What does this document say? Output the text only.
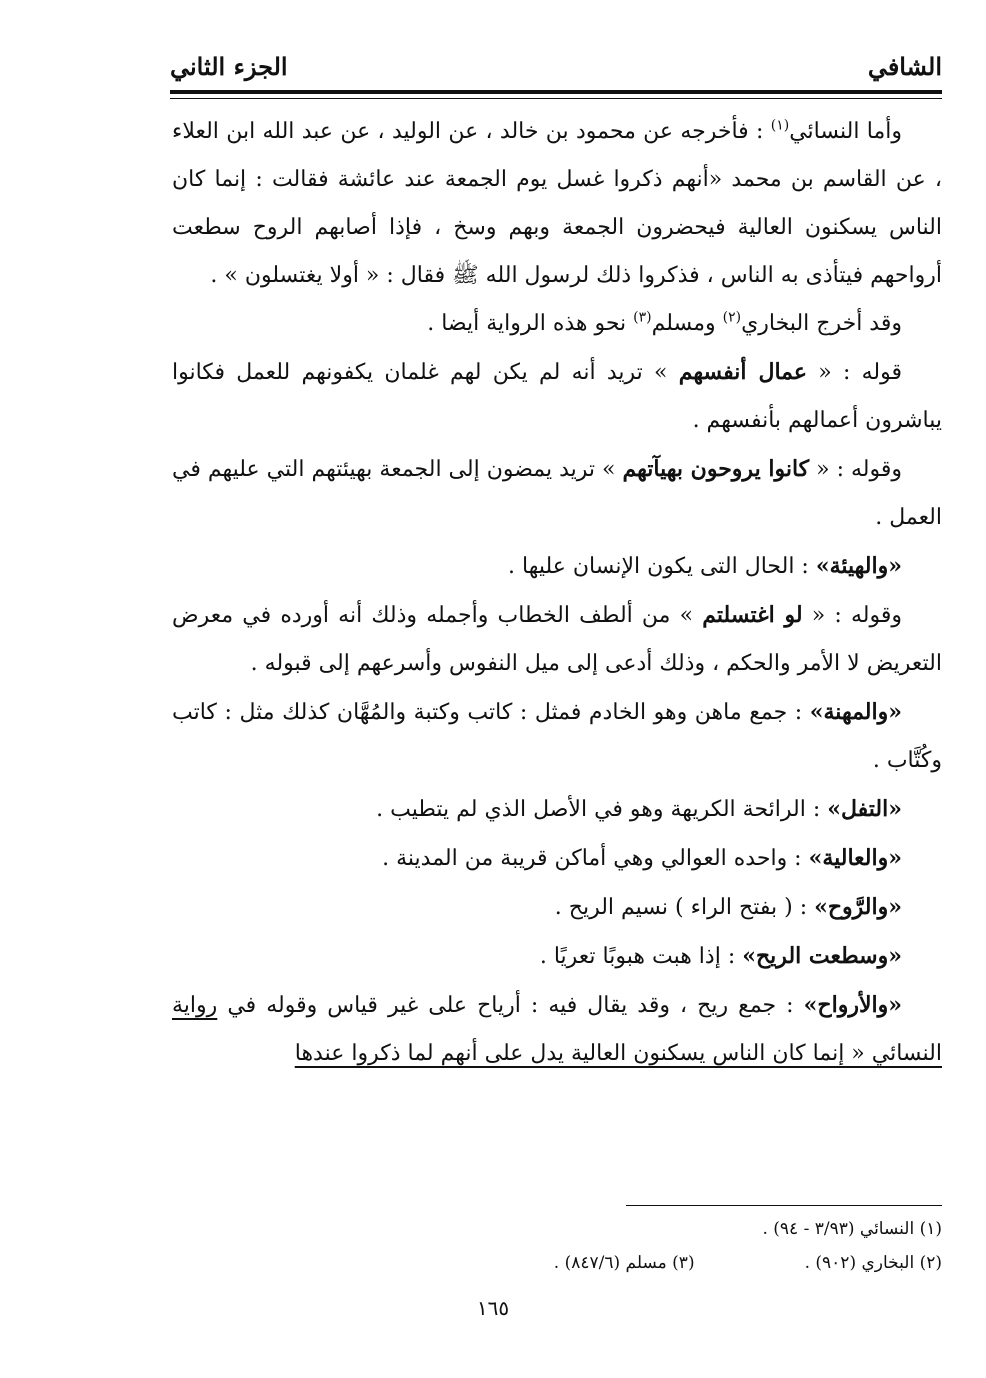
الشافي
الجزء الثاني

وأما النسائي$^{(١)}$ : فأخرجه عن محمود بن خالد ، عن الوليد ، عن عبد الله ابن العلاء ، عن القاسم بن محمد «أنهم ذكروا غسل يوم الجمعة عند عائشة فقالت : إنما كان الناس يسكنون العالية فيحضرون الجمعة وبهم وسخ ، فإذا أصابهم الروح سطعت أرواحهم فيتأذى به الناس ، فذكروا ذلك لرسول الله ﷺ فقال : « أولا يغتسلون » .

وقد أخرج البخاري$^{(٢)}$ ومسلم$^{(٣)}$ نحو هذه الرواية أيضا .

قوله : « عمال أنفسهم » تريد أنه لم يكن لهم غلمان يكفونهم للعمل فكانوا يباشرون أعمالهم بأنفسهم .

وقوله : « كانوا يروحون بهيآتهم » تريد يمضون إلى الجمعة بهيئتهم التي عليهم في العمل .

«والهيئة» : الحال التى يكون الإنسان عليها .

وقوله : « لو اغتسلتم » من ألطف الخطاب وأجمله وذلك أنه أورده في معرض التعريض لا الأمر والحكم ، وذلك أدعى إلى ميل النفوس وأسرعهم إلى قبوله .

«والمهنة» : جمع ماهن وهو الخادم فمثل : كاتب وكتبة والمُهَّان كذلك مثل : كاتب وكُتَّاب .

«التفل» : الرائحة الكريهة وهو في الأصل الذي لم يتطيب .

«والعالية» : واحده العوالي وهي أماكن قريبة من المدينة .

«والرَّوح» : ( بفتح الراء ) نسيم الريح .

«وسطعت الريح» : إذا هبت هبوبًا تعريًا .

«والأرواح» : جمع ريح ، وقد يقال فيه : أرياح على غير قياس وقوله في رواية النسائي « إنما كان الناس يسكنون العالية يدل على أنهم لما ذكروا عندها

(١) النسائي (٣/٩٣ - ٩٤) .
(٢) البخاري (٩٠٢) .
(٣) مسلم (٨٤٧/٦) .
١٦٥
